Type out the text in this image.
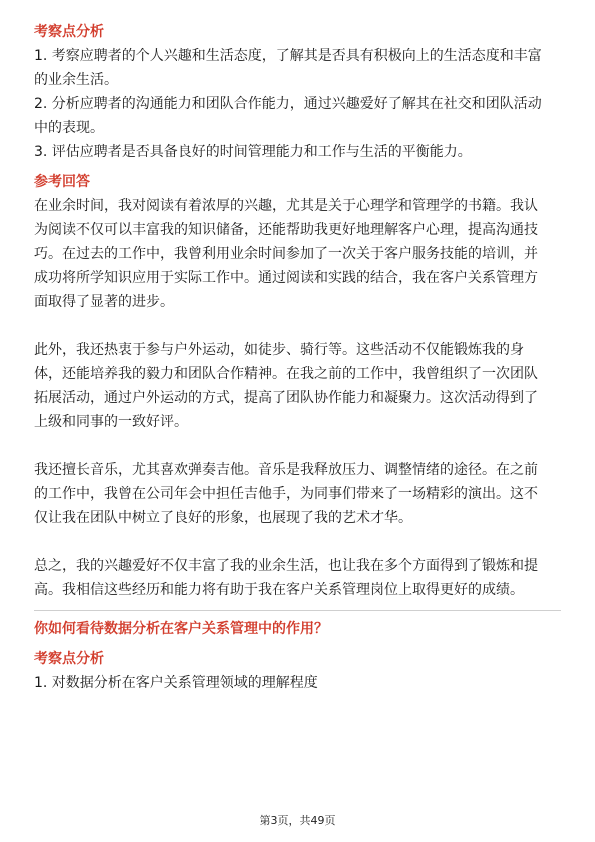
考察点分析

1. 考察应聘者的个人兴趣和生活态度，了解其是否具有积极向上的生活态度和丰富

的业余生活。

2. 分析应聘者的沟通能力和团队合作能力，通过兴趣爱好了解其在社交和团队活动

中的表现。

3. 评估应聘者是否具备良好的时间管理能力和工作与生活的平衡能力。

参考回答

在业余时间，我对阅读有着浓厚的兴趣，尤其是关于心理学和管理学的书籍。我认

为阅读不仅可以丰富我的知识储备，还能帮助我更好地理解客户心理，提高沟通技

巧。在过去的工作中，我曾利用业余时间参加了一次关于客户服务技能的培训，并

成功将所学知识应用于实际工作中。通过阅读和实践的结合，我在客户关系管理方

面取得了显著的进步。

此外，我还热衷于参与户外运动，如徒步、骑行等。这些活动不仅能锻炼我的身

体，还能培养我的毅力和团队合作精神。在我之前的工作中，我曾组织了一次团队

拓展活动，通过户外运动的方式，提高了团队协作能力和凝聚力。这次活动得到了

上级和同事的一致好评。

我还擅长音乐，尤其喜欢弹奏吉他。音乐是我释放压力、调整情绪的途径。在之前

的工作中，我曾在公司年会中担任吉他手，为同事们带来了一场精彩的演出。这不

仅让我在团队中树立了良好的形象，也展现了我的艺术才华。

总之，我的兴趣爱好不仅丰富了我的业余生活，也让我在多个方面得到了锻炼和提

高。我相信这些经历和能力将有助于我在客户关系管理岗位上取得更好的成绩。

你如何看待数据分析在客户关系管理中的作用？

考察点分析

1. 对数据分析在客户关系管理领域的理解程度

第3页，共49页
